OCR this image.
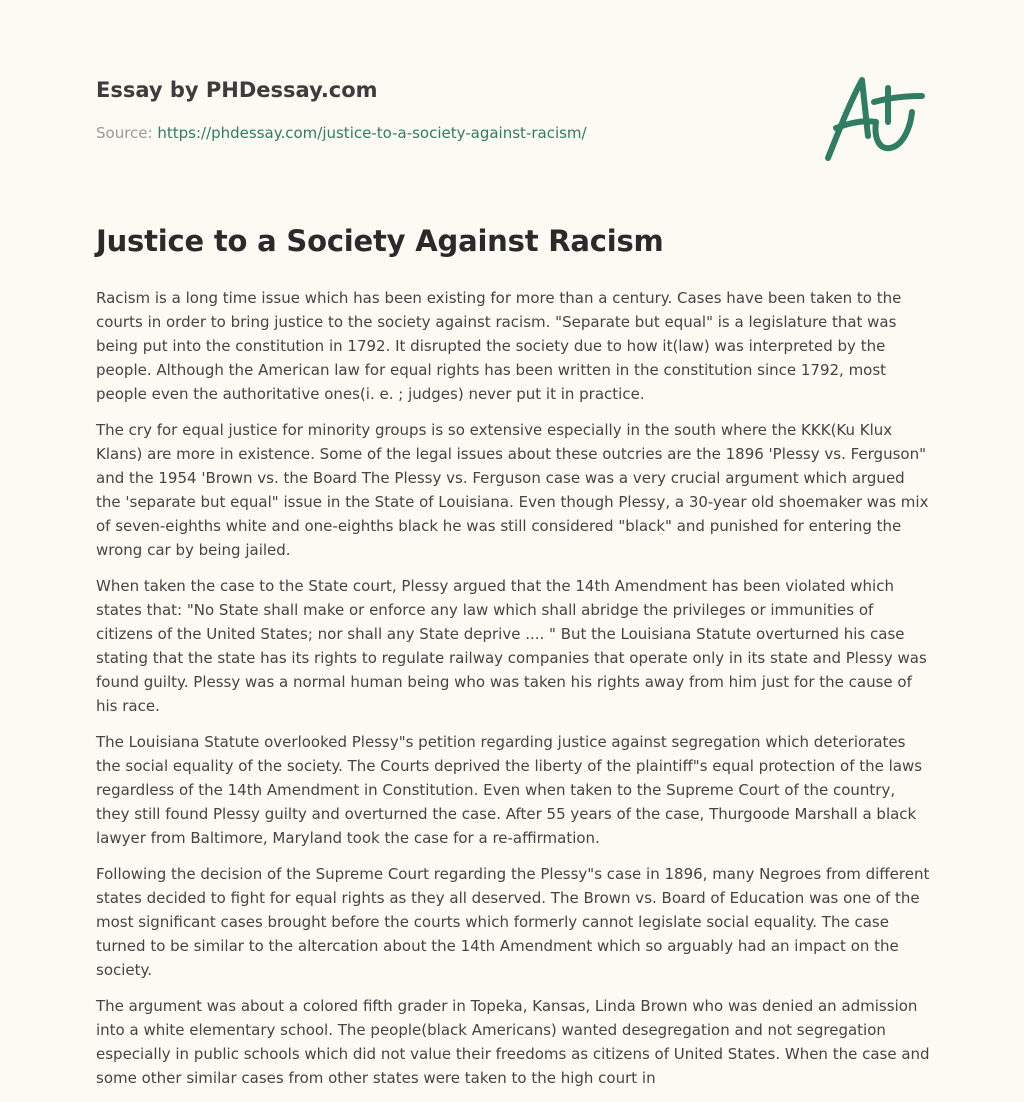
Essay by PHDessay.com

Source: https://phdessay.com/justice-to-a-society-against-racism/

Justice to a Society Against Racism

Racism is a long time issue which has been existing for more than a century. Cases have been taken to the courts in order to bring justice to the society against racism. "Separate but equal" is a legislature that was being put into the constitution in 1792. It disrupted the society due to how it(law) was interpreted by the people. Although the American law for equal rights has been written in the constitution since 1792, most people even the authoritative ones(i. e. ; judges) never put it in practice.

The cry for equal justice for minority groups is so extensive especially in the south where the KKK(Ku Klux Klans) are more in existence. Some of the legal issues about these outcries are the 1896 'Plessy vs. Ferguson" and the 1954 'Brown vs. the Board The Plessy vs. Ferguson case was a very crucial argument which argued the 'separate but equal" issue in the State of Louisiana. Even though Plessy, a 30-year old shoemaker was mix of seven-eighths white and one-eighths black he was still considered "black" and punished for entering the wrong car by being jailed.

When taken the case to the State court, Plessy argued that the 14th Amendment has been violated which states that: "No State shall make or enforce any law which shall abridge the privileges or immunities of citizens of the United States; nor shall any State deprive .... " But the Louisiana Statute overturned his case stating that the state has its rights to regulate railway companies that operate only in its state and Plessy was found guilty. Plessy was a normal human being who was taken his rights away from him just for the cause of his race.

The Louisiana Statute overlooked Plessy"s petition regarding justice against segregation which deteriorates the social equality of the society. The Courts deprived the liberty of the plaintiff"s equal protection of the laws regardless of the 14th Amendment in Constitution. Even when taken to the Supreme Court of the country, they still found Plessy guilty and overturned the case. After 55 years of the case, Thurgoode Marshall a black lawyer from Baltimore, Maryland took the case for a re-affirmation.

Following the decision of the Supreme Court regarding the Plessy"s case in 1896, many Negroes from different states decided to fight for equal rights as they all deserved. The Brown vs. Board of Education was one of the most significant cases brought before the courts which formerly cannot legislate social equality. The case turned to be similar to the altercation about the 14th Amendment which so arguably had an impact on the society.

The argument was about a colored fifth grader in Topeka, Kansas, Linda Brown who was denied an admission into a white elementary school. The people(black Americans) wanted desegregation and not segregation especially in public schools which did not value their freedoms as citizens of United States. When the case and some other similar cases from other states were taken to the high court in
